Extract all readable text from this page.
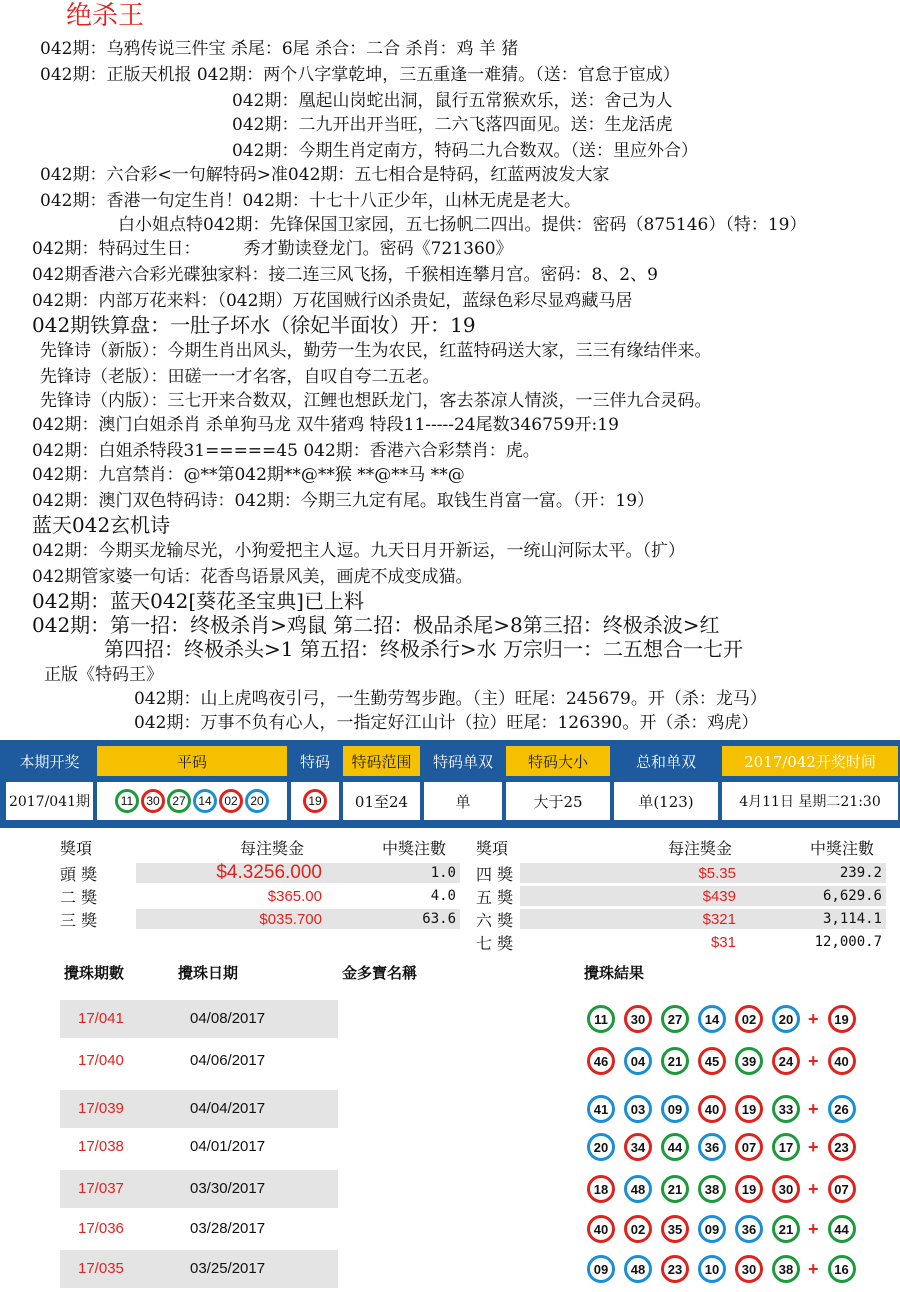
绝杀王
042期：乌鸦传说三件宝 杀尾：6尾 杀合：二合 杀肖：鸡 羊 猪
042期：正版天机报 042期：两个八字掌乾坤，三五重逢一难猜。（送：官怠于宦成）
042期：凰起山岗蛇出洞，鼠行五常猴欢乐，送：舍己为人
042期：二九开出开当旺，二六飞落四面见。送：生龙活虎
042期：今期生肖定南方，特码二九合数双。（送：里应外合）
042期：六合彩<一句解特码>准042期：五七相合是特码，红蓝两波发大家
042期：香港一句定生肖！042期：十七十八正少年，山林无虎是老大。
白小姐点特042期：先锋保国卫家园，五七扬帆二四出。提供：密码（875146）（特：19）
042期：特码过生日：        秀才勤读登龙门。密码《721360》
042期香港六合彩光碟独家料：接二连三风飞扬，千猴相连攀月宫。密码：8、2、9
042期：内部万花来料：（042期）万花国贼行凶杀贵妃，蓝绿色彩尽显鸡藏马居
042期铁算盘：一肚子坏水（徐妃半面妆）开：19
先锋诗（新版）：今期生肖出风头，勤劳一生为农民，红蓝特码送大家，三三有缘结伴来。
先锋诗（老版）：田磋一一才名客，自叹自夸二五老。
先锋诗（内版）：三七开来合数双，江鲤也想跃龙门，客去茶凉人情淡，一三伴九合灵码。
042期：澳门白姐杀肖 杀单狗马龙 双牛猪鸡 特段11-----24尾数346759开:19
042期：白姐杀特段31=====45 042期：香港六合彩禁肖：虎。
042期：九宫禁肖：@**第042期**@**猴 **@**马 **@
042期：澳门双色特码诗：042期：今期三九定有尾。取钱生肖富一富。（开：19）
蓝天042玄机诗
042期：今期买龙输尽光，小狗爱把主人逗。九天日月开新运，一统山河际太平。（扩）
042期管家婆一句话：花香鸟语景风美，画虎不成变成猫。
042期：蓝天042[葵花圣宝典]已上料
042期：第一招：终极杀肖>鸡鼠 第二招：极品杀尾>8第三招：终极杀波>红
第四招：终极杀头>1 第五招：终极杀行>水 万宗归一：二五想合一七开
正版《特码王》
042期：山上虎鸣夜引弓，一生勤劳驾步跑。（主）旺尾：245679。开（杀：龙马）
042期：万事不负有心人，一指定好江山计（拉）旺尾：126390。开（杀：鸡虎）
本期开奖	平码	特码	特码范围	特码单双	特码大小	总和单双	2017/042开奖时间
2017/041期	11	30	27	14	02	20	19	01至24	单	大于25	单(123)	4月11日 星期二21:30
獎項	每注獎金	中獎注數
頭 獎	$4.3256.000	1.0
二 獎	$365.00	4.0
三 獎	$035.700	63.6
獎項	每注獎金	中獎注數
四 獎	$5.35	239.2
五 獎	$439	6,629.6
六 獎	$321	3,114.1
七 獎	$31	12,000.7
攪珠期數	攪珠日期	金多寶名稱	攪珠結果
17/041	04/08/2017	11	30	27	14	02	20 +	19
17/040	04/06/2017	46	04	21	45	39	24 +	40
17/039	04/04/2017	41	03	09	40	19	33 +	26
17/038	04/01/2017	20	34	44	36	07	17 +	23
17/037	03/30/2017	18	48	21	38	19	30 +	07
17/036	03/28/2017	40	02	35	09	36	21 +	44
17/035	03/25/2017	09	48	23	10	30	38 +	16
